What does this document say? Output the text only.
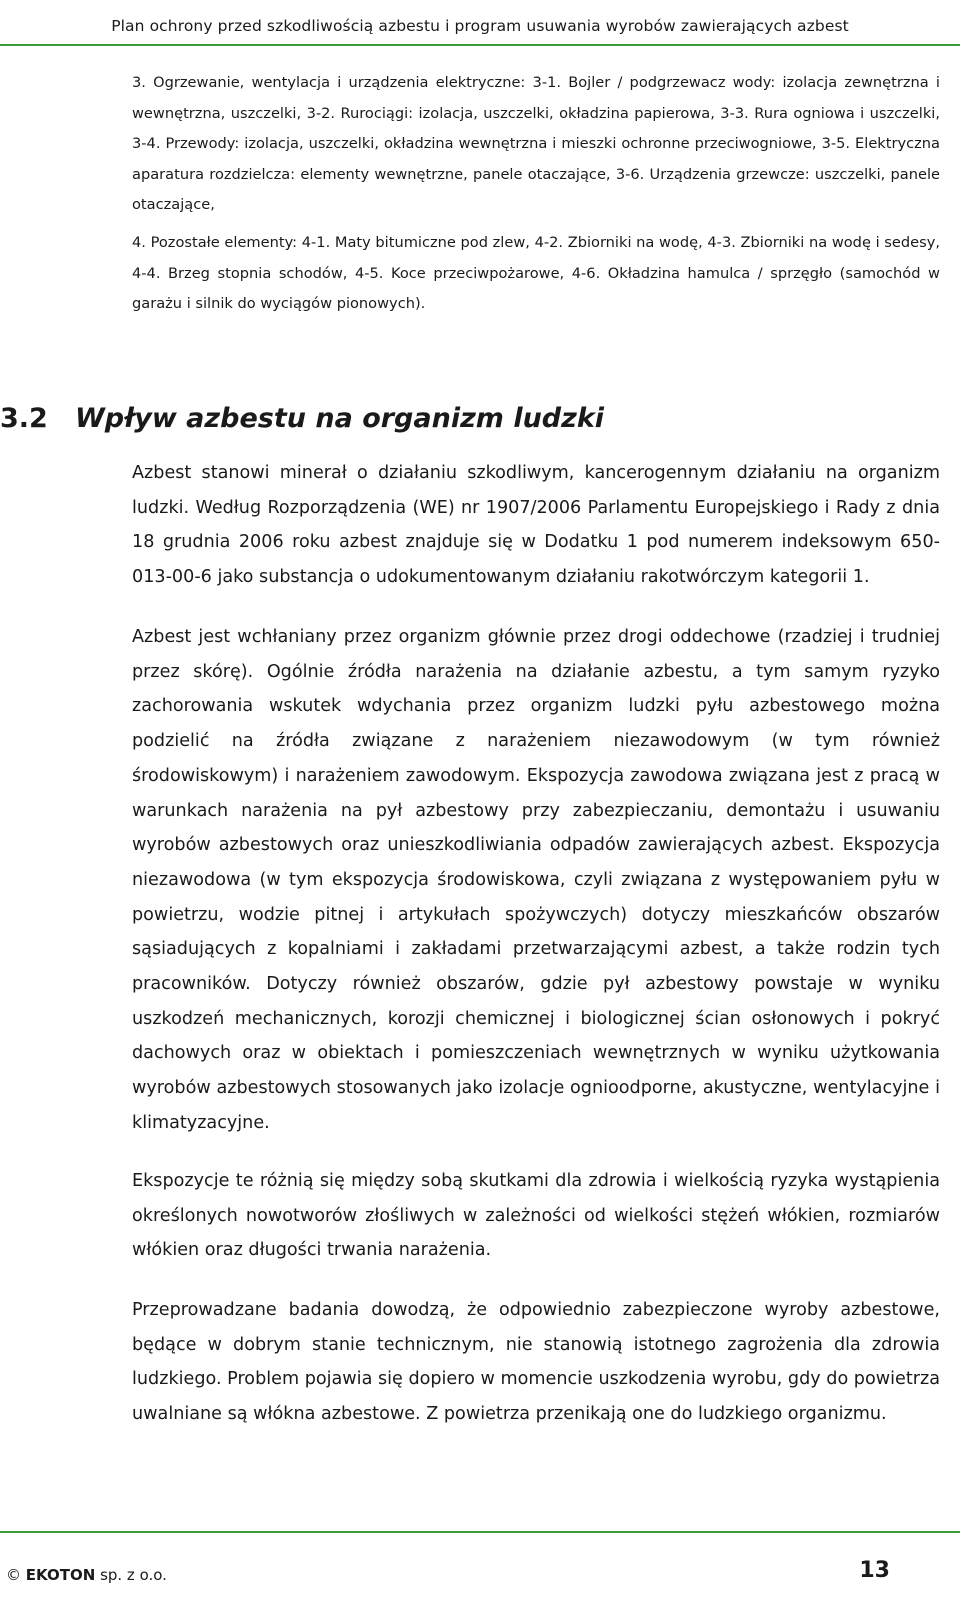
Plan ochrony przed szkodliwością azbestu i program usuwania wyrobów zawierających azbest
3. Ogrzewanie, wentylacja i urządzenia elektryczne: 3-1. Bojler / podgrzewacz wody: izolacja zewnętrzna i wewnętrzna, uszczelki, 3-2. Rurociągi: izolacja, uszczelki, okładzina papierowa, 3-3. Rura ogniowa i uszczelki, 3-4. Przewody: izolacja, uszczelki, okładzina wewnętrzna i mieszki ochronne przeciwogniowe, 3-5. Elektryczna aparatura rozdzielcza: elementy wewnętrzne, panele otaczające, 3-6. Urządzenia grzewcze: uszczelki, panele otaczające,
4. Pozostałe elementy: 4-1. Maty bitumiczne pod zlew, 4-2. Zbiorniki na wodę, 4-3. Zbiorniki na wodę i sedesy, 4-4. Brzeg stopnia schodów, 4-5. Koce przeciwpożarowe, 4-6. Okładzina hamulca / sprzęgło (samochód w garażu i silnik do wyciągów pionowych).
3.2 Wpływ azbestu na organizm ludzki
Azbest stanowi minerał o działaniu szkodliwym, kancerogennym działaniu na organizm ludzki. Według Rozporządzenia (WE) nr 1907/2006 Parlamentu Europejskiego i Rady z dnia 18 grudnia 2006 roku azbest znajduje się w Dodatku 1 pod numerem indeksowym 650-013-00-6 jako substancja o udokumentowanym działaniu rakotwórczym kategorii 1.
Azbest jest wchłaniany przez organizm głównie przez drogi oddechowe (rzadziej i trudniej przez skórę). Ogólnie źródła narażenia na działanie azbestu, a tym samym ryzyko zachorowania wskutek wdychania przez organizm ludzki pyłu azbestowego można podzielić na źródła związane z narażeniem niezawodowym (w tym również środowiskowym) i narażeniem zawodowym. Ekspozycja zawodowa związana jest z pracą w warunkach narażenia na pył azbestowy przy zabezpieczaniu, demontażu i usuwaniu wyrobów azbestowych oraz unieszkodliwiania odpadów zawierających azbest. Ekspozycja niezawodowa (w tym ekspozycja środowiskowa, czyli związana z występowaniem pyłu w powietrzu, wodzie pitnej i artykułach spożywczych) dotyczy mieszkańców obszarów sąsiadujących z kopalniami i zakładami przetwarzającymi azbest, a także rodzin tych pracowników. Dotyczy również obszarów, gdzie pył azbestowy powstaje w wyniku uszkodzeń mechanicznych, korozji chemicznej i biologicznej ścian osłonowych i pokryć dachowych oraz w obiektach i pomieszczeniach wewnętrznych w wyniku użytkowania wyrobów azbestowych stosowanych jako izolacje ognioodporne, akustyczne, wentylacyjne i klimatyzacyjne.
Ekspozycje te różnią się między sobą skutkami dla zdrowia i wielkością ryzyka wystąpienia określonych nowotworów złośliwych w zależności od wielkości stężeń włókien, rozmiarów włókien oraz długości trwania narażenia.
Przeprowadzane badania dowodzą, że odpowiednio zabezpieczone wyroby azbestowe, będące w dobrym stanie technicznym, nie stanowią istotnego zagrożenia dla zdrowia ludzkiego. Problem pojawia się dopiero w momencie uszkodzenia wyrobu, gdy do powietrza uwalniane są włókna azbestowe. Z powietrza przenikają one do ludzkiego organizmu.
© EKOTON sp. z o.o.	13
